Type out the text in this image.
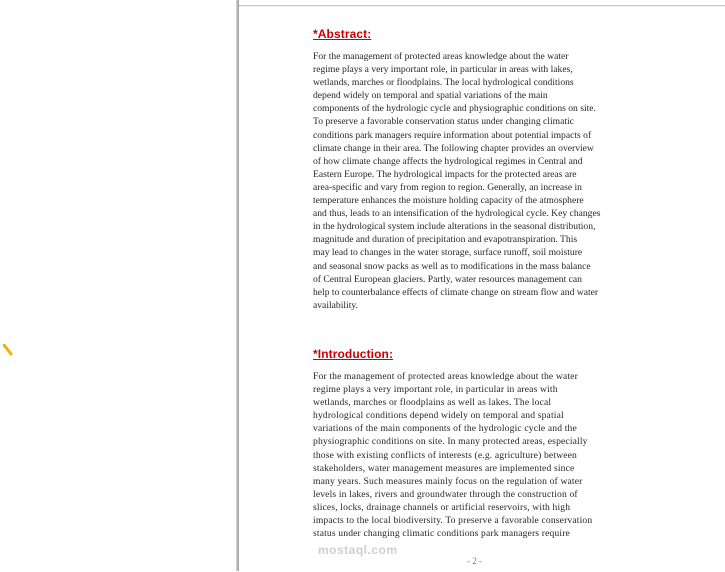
*Abstract:

For the management of protected areas knowledge about the water
regime plays a very important role, in particular in areas with lakes,
wetlands, marches or floodplains. The local hydrological conditions
depend widely on temporal and spatial variations of the main
components of the hydrologic cycle and physiographic conditions on site.
To preserve a favorable conservation status under changing climatic
conditions park managers require information about potential impacts of
climate change in their area. The following chapter provides an overview
of how climate change affects the hydrological regimes in Central and
Eastern Europe. The hydrological impacts for the protected areas are
area-specific and vary from region to region. Generally, an increase in
temperature enhances the moisture holding capacity of the atmosphere
and thus, leads to an intensification of the hydrological cycle. Key changes
in the hydrological system include alterations in the seasonal distribution,
magnitude and duration of precipitation and evapotranspiration. This
may lead to changes in the water storage, surface runoff, soil moisture
and seasonal snow packs as well as to modifications in the mass balance
of Central European glaciers. Partly, water resources management can
help to counterbalance effects of climate change on stream flow and water
availability.

*Introduction:

For the management of protected areas knowledge about the water
regime plays a very important role, in particular in areas with
wetlands, marches or floodplains as well as lakes. The local
hydrological conditions depend widely on temporal and spatial
variations of the main components of the hydrologic cycle and the
physiographic conditions on site. In many protected areas, especially
those with existing conflicts of interests (e.g. agriculture) between
stakeholders, water management measures are implemented since
many years. Such measures mainly focus on the regulation of water
levels in lakes, rivers and groundwater through the construction of
slices, locks, drainage channels or artificial reservoirs, with high
impacts to the local biodiversity. To preserve a favorable conservation
status under changing climatic conditions park managers require

mostaql.com
- 2 -
